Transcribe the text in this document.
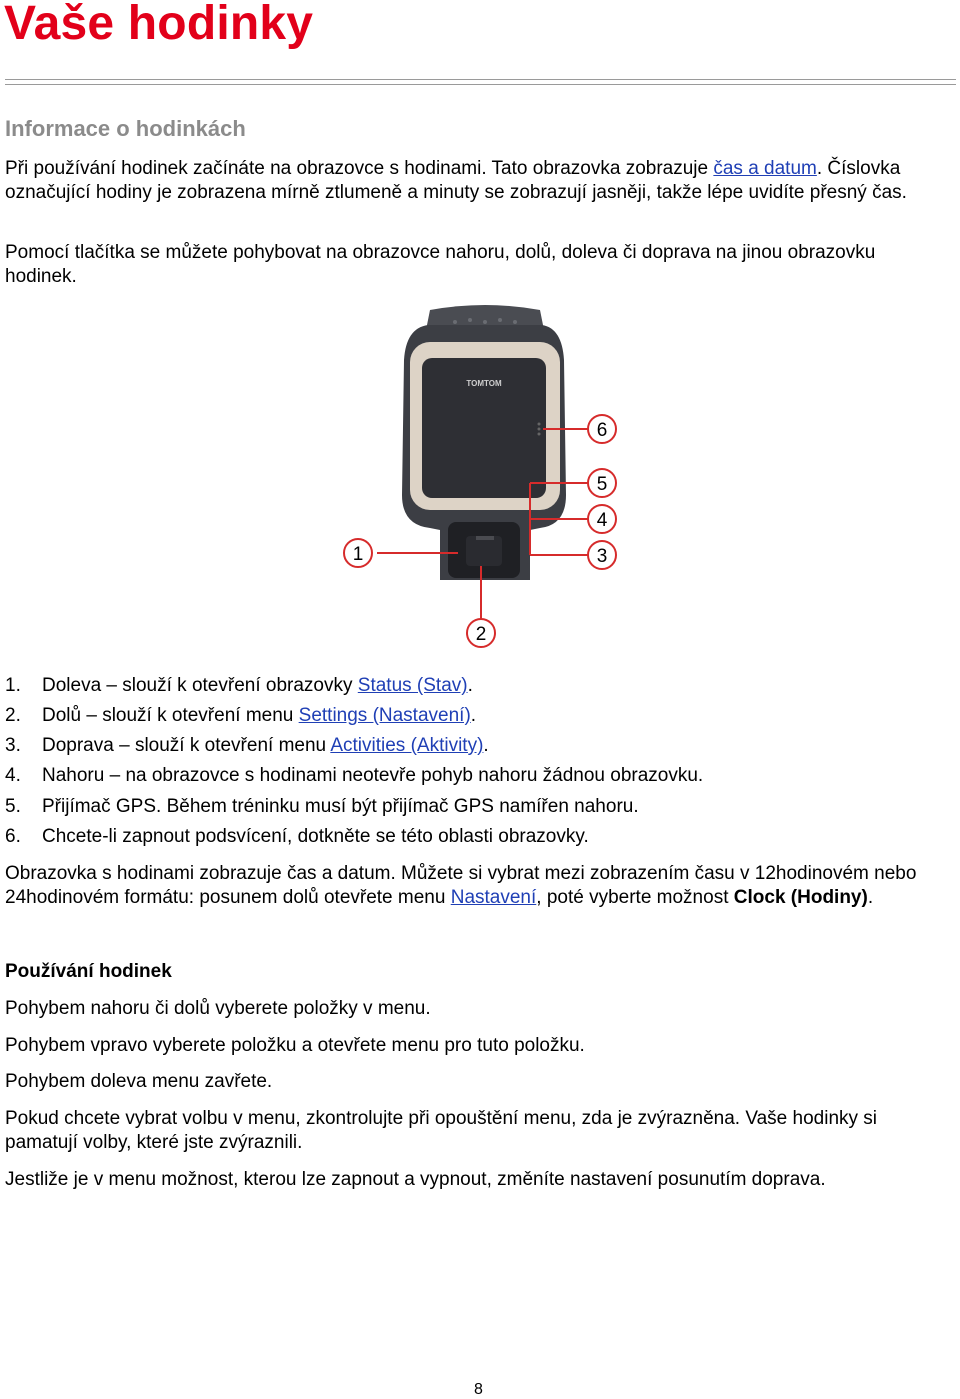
Vaše hodinky
Informace o hodinkách

Při používání hodinek začínáte na obrazovce s hodinami. Tato obrazovka zobrazuje čas a datum. Číslovka označující hodiny je zobrazena mírně ztlumeně a minuty se zobrazují jasněji, takže lépe uvidíte přesný čas.

Pomocí tlačítka se můžete pohybovat na obrazovce nahoru, dolů, doleva či doprava na jinou obrazovku hodinek.

TOMTOM
6
5
4
3
1
2

1. Doleva – slouží k otevření obrazovky Status (Stav).

2. Dolů – slouží k otevření menu Settings (Nastavení).

3. Doprava – slouží k otevření menu Activities (Aktivity).

4. Nahoru – na obrazovce s hodinami neotevře pohyb nahoru žádnou obrazovku.

5. Přijímač GPS. Během tréninku musí být přijímač GPS namířen nahoru.

6. Chcete-li zapnout podsvícení, dotkněte se této oblasti obrazovky.

Obrazovka s hodinami zobrazuje čas a datum. Můžete si vybrat mezi zobrazením času v 12hodinovém nebo 24hodinovém formátu: posunem dolů otevřete menu Nastavení, poté vyberte možnost Clock (Hodiny).

Používání hodinek

Pohybem nahoru či dolů vyberete položky v menu.

Pohybem vpravo vyberete položku a otevřete menu pro tuto položku.

Pohybem doleva menu zavřete.

Pokud chcete vybrat volbu v menu, zkontrolujte při opouštění menu, zda je zvýrazněna. Vaše hodinky si pamatují volby, které jste zvýraznili.

Jestliže je v menu možnost, kterou lze zapnout a vypnout, změníte nastavení posunutím doprava.

8
